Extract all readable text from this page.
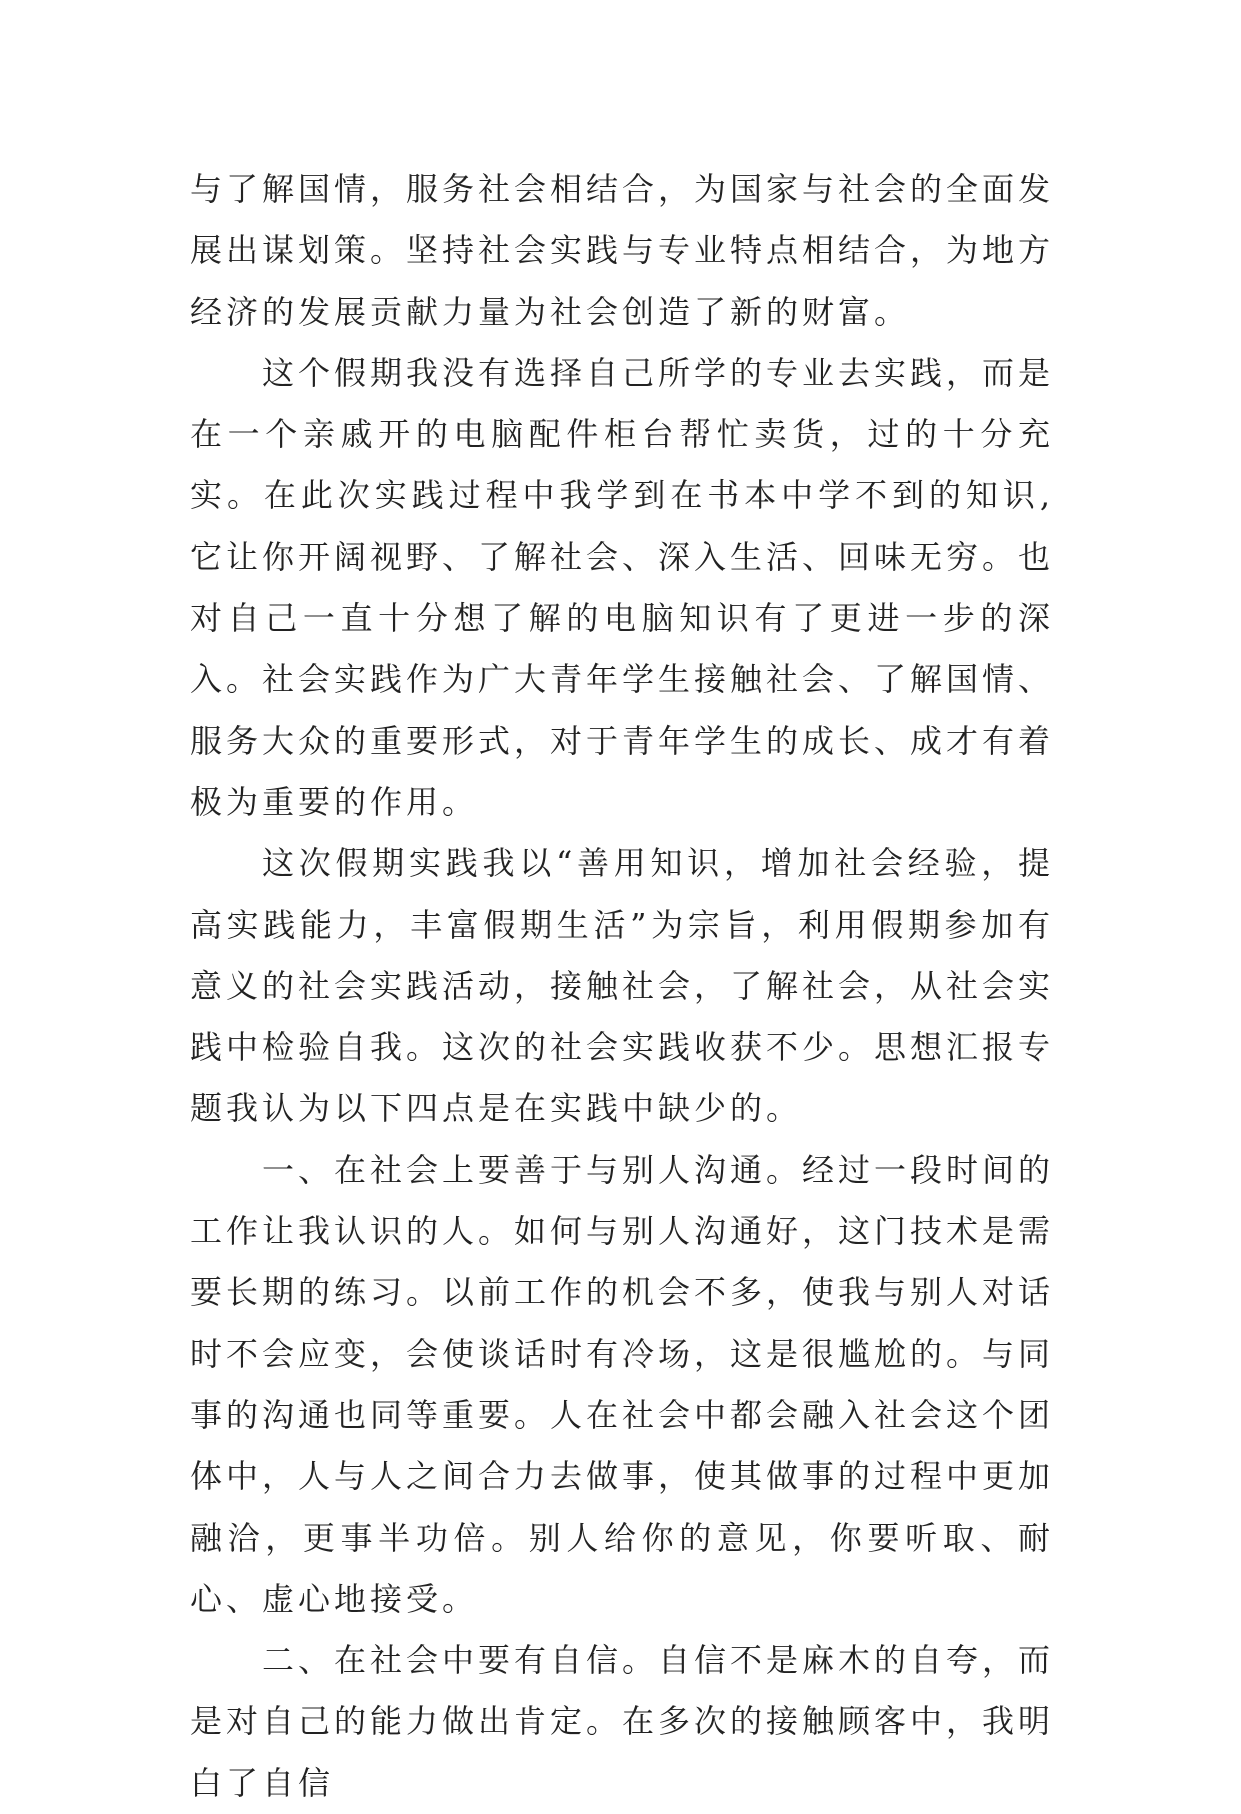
与了解国情，服务社会相结合，为国家与社会的全面发展出谋划策。坚持社会实践与专业特点相结合，为地方经济的发展贡献力量为社会创造了新的财富。

这个假期我没有选择自己所学的专业去实践，而是在一个亲戚开的电脑配件柜台帮忙卖货，过的十分充实。在此次实践过程中我学到在书本中学不到的知识,它让你开阔视野、了解社会、深入生活、回味无穷。也对自己一直十分想了解的电脑知识有了更进一步的深入。社会实践作为广大青年学生接触社会、了解国情、服务大众的重要形式，对于青年学生的成长、成才有着极为重要的作用。

这次假期实践我以“善用知识，增加社会经验，提高实践能力，丰富假期生活”为宗旨，利用假期参加有意义的社会实践活动，接触社会，了解社会，从社会实践中检验自我。这次的社会实践收获不少。思想汇报专题我认为以下四点是在实践中缺少的。

一、在社会上要善于与别人沟通。经过一段时间的工作让我认识的人。如何与别人沟通好，这门技术是需要长期的练习。以前工作的机会不多，使我与别人对话时不会应变，会使谈话时有冷场，这是很尴尬的。与同事的沟通也同等重要。人在社会中都会融入社会这个团体中，人与人之间合力去做事，使其做事的过程中更加融洽，更事半功倍。别人给你的意见，你要听取、耐心、虚心地接受。

二、在社会中要有自信。自信不是麻木的自夸，而是对自己的能力做出肯定。在多次的接触顾客中，我明白了自信
